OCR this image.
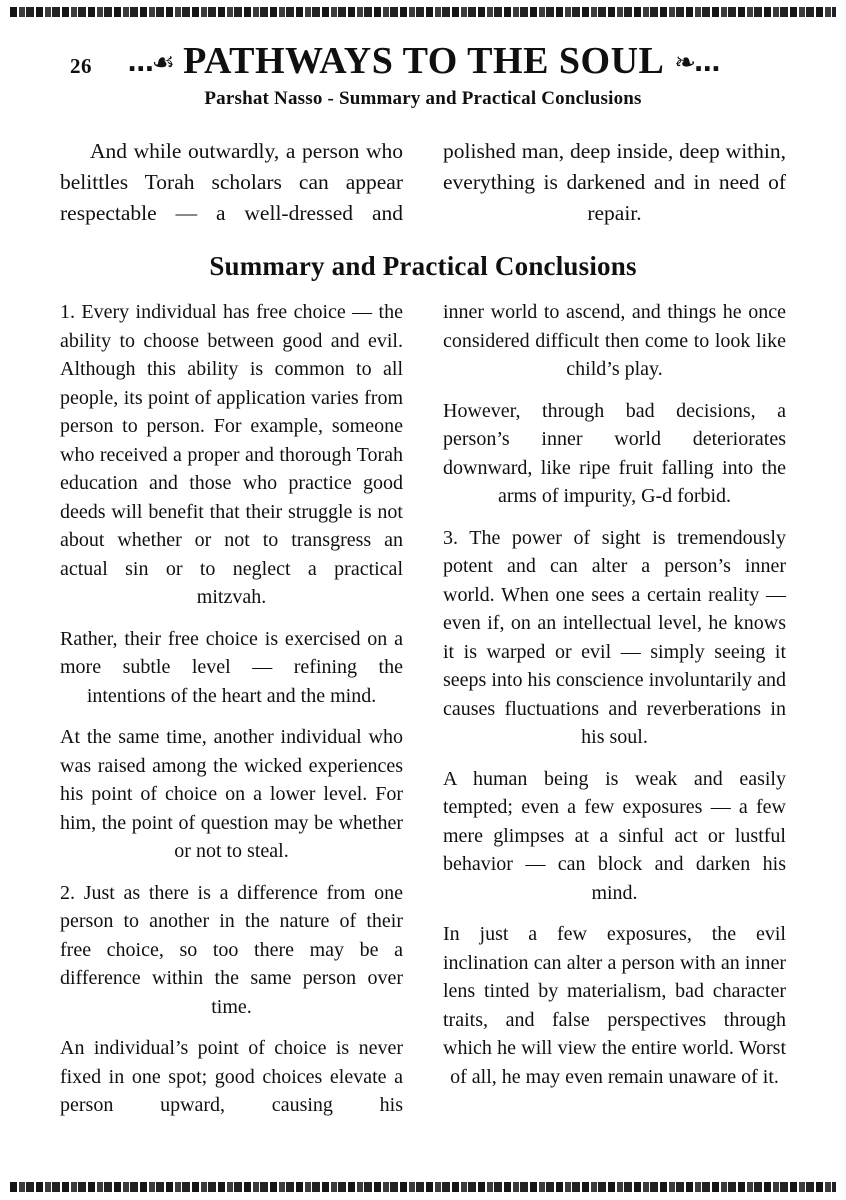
26 …☙ PATHWAYS TO THE SOUL ❧…
Parshat Nasso - Summary and Practical Conclusions

And while outwardly, a person who belittles Torah scholars can appear respectable — a well-dressed and

polished man, deep inside, deep within, everything is darkened and in need of repair.

Summary and Practical Conclusions

1. Every individual has free choice — the ability to choose between good and evil. Although this ability is common to all people, its point of application varies from person to person. For example, someone who received a proper and thorough Torah education and those who practice good deeds will benefit that their struggle is not about whether or not to transgress an actual sin or to neglect a practical mitzvah.

Rather, their free choice is exercised on a more subtle level — refining the intentions of the heart and the mind.

At the same time, another individual who was raised among the wicked experiences his point of choice on a lower level. For him, the point of question may be whether or not to steal.

2. Just as there is a difference from one person to another in the nature of their free choice, so too there may be a difference within the same person over time.

An individual’s point of choice is never fixed in one spot; good choices elevate a person upward, causing his

inner world to ascend, and things he once considered difficult then come to look like child’s play.

However, through bad decisions, a person’s inner world deteriorates downward, like ripe fruit falling into the arms of impurity, G-d forbid.

3. The power of sight is tremendously potent and can alter a person’s inner world. When one sees a certain reality — even if, on an intellectual level, he knows it is warped or evil — simply seeing it seeps into his conscience involuntarily and causes fluctuations and reverberations in his soul.

A human being is weak and easily tempted; even a few exposures — a few mere glimpses at a sinful act or lustful behavior — can block and darken his mind.

In just a few exposures, the evil inclination can alter a person with an inner lens tinted by materialism, bad character traits, and false perspectives through which he will view the entire world. Worst of all, he may even remain unaware of it.
